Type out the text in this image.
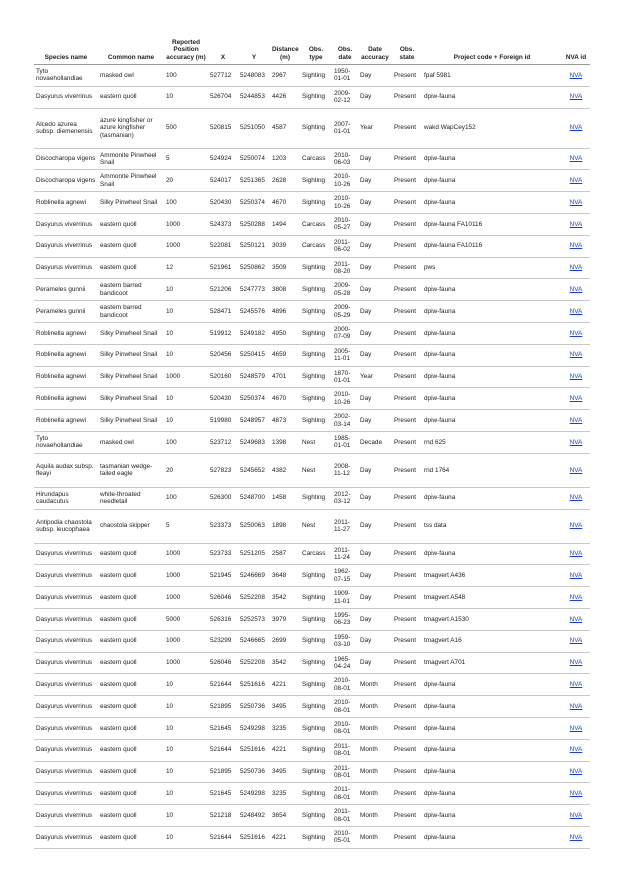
Species name	Common name	Reported Position accuracy (m)	X	Y	Distance (m)	Obs. type	Obs. date	Date accuracy	Obs. state	Project code + Foreign id	NVA id
Tyto novaehollandiae	masked owl	100	527712	5248083	2967	Sighting	1950-01-01	Day	Present	fpaf 5981	NVA
Dasyurus viverrinus	eastern quoll	10	526704	5244853	4426	Sighting	2009-02-12	Day	Present	dpiw-fauna	NVA
Alcedo azurea subsp. diemenensis	azure kingfisher or azure kingfisher (tasmanian)	500	520815	5251050	4587	Sighting	2007-01-01	Year	Present	wakd WapCey152	NVA
Discocharopa vigens	Ammonite Pinwheel Snail	5	524924	5250074	1203	Carcass	2010-06-03	Day	Present	dpiw-fauna	NVA
Discocharopa vigens	Ammonite Pinwheel Snail	20	524017	5251365	2628	Sighting	2010-10-26	Day	Present	dpiw-fauna	NVA
Roblinella agnewi	Silky Pinwheel Snail	100	520430	5250374	4670	Sighting	2010-10-26	Day	Present	dpiw-fauna	NVA
Dasyurus viverrinus	eastern quoll	1000	524373	5250288	1494	Carcass	2010-05-27	Day	Present	dpiw-fauna FA10116	NVA
Dasyurus viverrinus	eastern quoll	1000	522081	5250121	3039	Carcass	2011-06-02	Day	Present	dpiw-fauna FA10116	NVA
Dasyurus viverrinus	eastern quoll	12	521961	5250862	3509	Sighting	2011-08-20	Day	Present	pws	NVA
Perameles gunnii	eastern barred bandicoot	10	521206	5247773	3808	Sighting	2009-05-28	Day	Present	dpiw-fauna	NVA
Perameles gunnii	eastern barred bandicoot	10	528471	5245576	4896	Sighting	2009-05-29	Day	Present	dpiw-fauna	NVA
Roblinella agnewi	Silky Pinwheel Snail	10	519912	5249182	4950	Sighting	2000-07-09	Day	Present	dpiw-fauna	NVA
Roblinella agnewi	Silky Pinwheel Snail	10	520456	5250415	4659	Sighting	2005-11-01	Day	Present	dpiw-fauna	NVA
Roblinella agnewi	Silky Pinwheel Snail	1000	520160	5248579	4701	Sighting	1870-01-01	Year	Present	dpiw-fauna	NVA
Roblinella agnewi	Silky Pinwheel Snail	10	520430	5250374	4670	Sighting	2010-10-26	Day	Present	dpiw-fauna	NVA
Roblinella agnewi	Silky Pinwheel Snail	10	519980	5248957	4873	Sighting	2002-03-14	Day	Present	dpiw-fauna	NVA
Tyto novaehollandiae	masked owl	100	523712	5249683	1398	Nest	1985-01-01	Decade	Present	rnd 625	NVA
Aquila audax subsp. fleayi	tasmanian wedge-tailed eagle	20	527823	5245652	4382	Nest	2008-11-12	Day	Present	rnd 1764	NVA
Hirundapus caudacutus	white-throated needletail	100	526300	5248700	1458	Sighting	2012-03-12	Day	Present	dpiw-fauna	NVA
Antipodia chaostola subsp. leucophaea	chaostola skipper	5	523373	5250063	1898	Nest	2011-11-27	Day	Present	tss data	NVA
Dasyurus viverrinus	eastern quoll	1000	523733	5251205	2587	Carcass	2011-11-24	Day	Present	dpiw-fauna	NVA
Dasyurus viverrinus	eastern quoll	1000	521945	5246669	3648	Sighting	1962-07-15	Day	Present	tmagvert A436	NVA
Dasyurus viverrinus	eastern quoll	1000	526046	5252208	3542	Sighting	1909-11-01	Day	Present	tmagvert A548	NVA
Dasyurus viverrinus	eastern quoll	5000	526316	5252573	3979	Sighting	1995-06-23	Day	Present	tmagvert A1530	NVA
Dasyurus viverrinus	eastern quoll	1000	523299	5246665	2699	Sighting	1959-03-10	Day	Present	tmagvert A16	NVA
Dasyurus viverrinus	eastern quoll	1000	526046	5252208	3542	Sighting	1965-04-24	Day	Present	tmagvert A701	NVA
Dasyurus viverrinus	eastern quoll	10	521644	5251616	4221	Sighting	2010-08-01	Month	Present	dpiw-fauna	NVA
Dasyurus viverrinus	eastern quoll	10	521895	5250736	3495	Sighting	2010-08-01	Month	Present	dpiw-fauna	NVA
Dasyurus viverrinus	eastern quoll	10	521645	5249298	3235	Sighting	2010-08-01	Month	Present	dpiw-fauna	NVA
Dasyurus viverrinus	eastern quoll	10	521644	5251616	4221	Sighting	2011-08-01	Month	Present	dpiw-fauna	NVA
Dasyurus viverrinus	eastern quoll	10	521895	5250736	3495	Sighting	2011-08-01	Month	Present	dpiw-fauna	NVA
Dasyurus viverrinus	eastern quoll	10	521645	5249298	3235	Sighting	2011-08-01	Month	Present	dpiw-fauna	NVA
Dasyurus viverrinus	eastern quoll	10	521218	5248492	3654	Sighting	2011-08-01	Month	Present	dpiw-fauna	NVA
Dasyurus viverrinus	eastern quoll	10	521644	5251616	4221	Sighting	2010-05-01	Month	Present	dpiw-fauna	NVA
